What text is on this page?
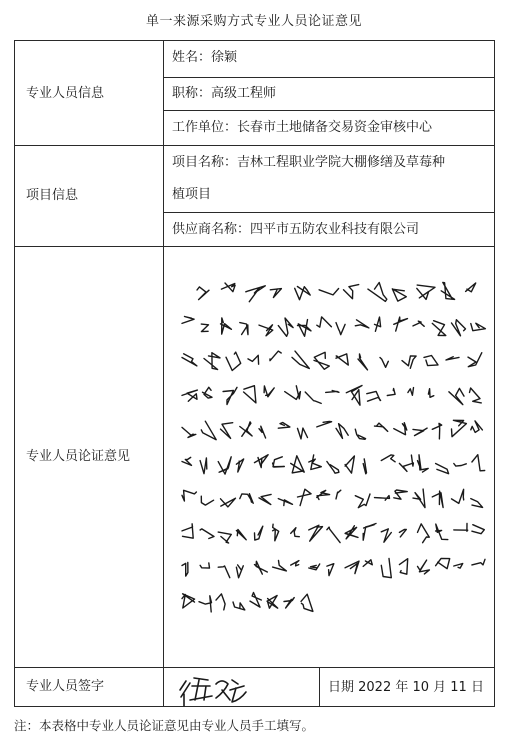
单一来源采购方式专业人员论证意见
专业人员信息
项目信息
专业人员论证意见
专业人员签字
姓名：徐颖
职称：高级工程师
工作单位：长春市土地储备交易资金审核中心
项目名称：吉林工程职业学院大棚修缮及草莓种
植项目
供应商名称：四平市五防农业科技有限公司
日期 2022 年 10 月 11 日
注：本表格中专业人员论证意见由专业人员手工填写。
